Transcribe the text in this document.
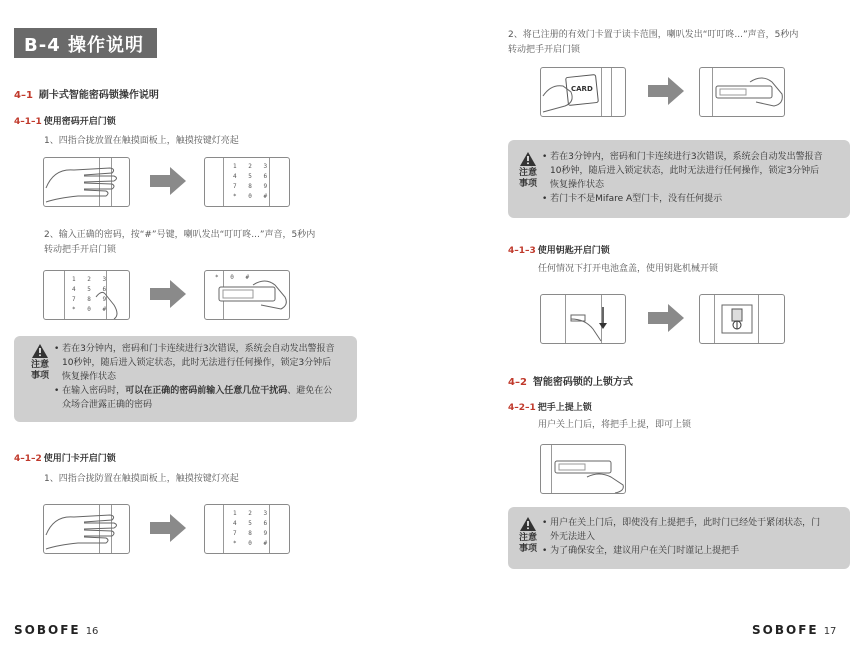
B-4 操作说明
4–1 刷卡式智能密码锁操作说明
4–1–1 使用密码开启门锁
1、四指合拢放置在触摸面板上，触摸按键灯亮起
1 2 3
4 5 6
7 8 9
* 0 #
2、输入正确的密码，按“#”号键，喇叭发出“叮叮咚...”声音，5秒内
转动把手开启门锁
1 2 3
4 5 6
7 8 9
* 0 #
* 0 #
注意
事项
• 若在3分钟内，密码和门卡连续进行3次错误，系统会自动发出警报音
10秒钟，随后进入锁定状态，此时无法进行任何操作，锁定3分钟后
恢复操作状态
• 在输入密码时，可以在正确的密码前输入任意几位干扰码、避免在公
众场合泄露正确的密码
4–1–2 使用门卡开启门锁
1、四指合拢防置在触摸面板上，触摸按键灯亮起
1 2 3
4 5 6
7 8 9
* 0 #
SOBOFE 16
2、将已注册的有效门卡置于读卡范围，喇叭发出“叮叮咚...”声音，5秒内
转动把手开启门锁
CARD
注意
事项
• 若在3分钟内，密码和门卡连续进行3次错误，系统会自动发出警报音
10秒钟，随后进入锁定状态，此时无法进行任何操作，锁定3分钟后
恢复操作状态
• 若门卡不是Mifare A型门卡，没有任何提示
4–1–3 使用钥匙开启门锁
任何情况下打开电池盒盖，使用钥匙机械开锁
4–2 智能密码锁的上锁方式
4–2–1 把手上提上锁
用户关上门后，将把手上提，即可上锁
注意
事项
• 用户在关上门后，即使没有上提把手，此时门已经处于紧闭状态，门
外无法进入
• 为了确保安全，建议用户在关门时谨记上提把手
SOBOFE 17
